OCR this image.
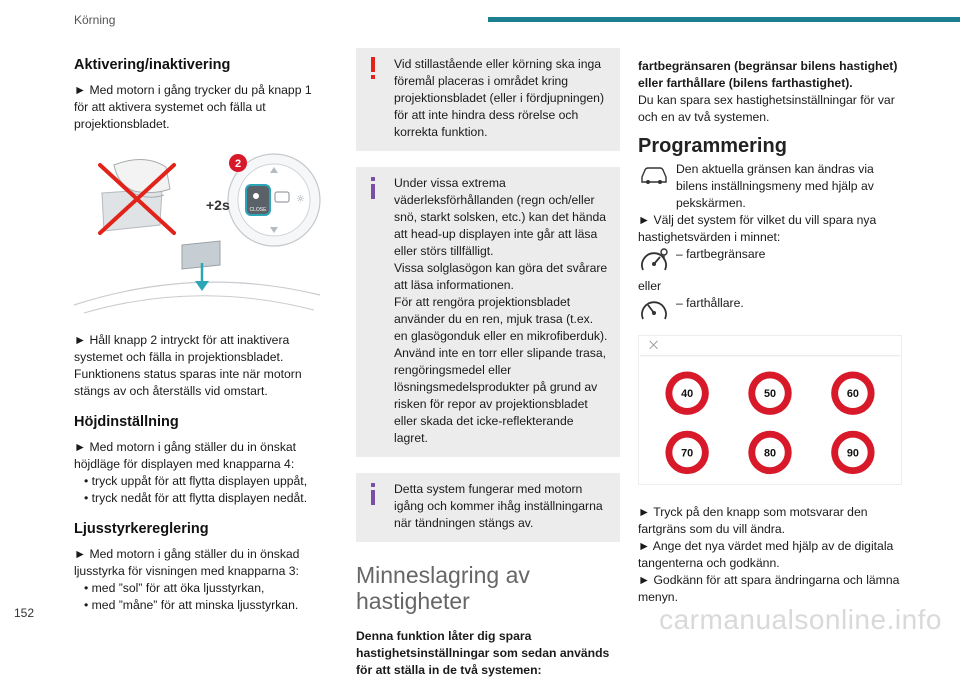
Körning
Aktivering/inaktivering

► Med motorn i gång trycker du på knapp 1 för att aktivera systemet och fälla ut projektionsbladet.

☼
2
+2s	CLOSE

► Håll knapp 2 intryckt för att inaktivera systemet och fälla in projektionsbladet. Funktionens status sparas inte när motorn stängs av och återställs vid omstart.

Höjdinställning

► Med motorn i gång ställer du in önskat höjdläge för displayen med knapparna 4:

• tryck uppåt för att flytta displayen uppåt,
• tryck nedåt för att flytta displayen nedåt.
Ljusstyrkereglering

► Med motorn i gång ställer du in önskad ljusstyrka för visningen med knapparna 3:

• med ”sol” för att öka ljusstyrkan,
• med ”måne” för att minska ljusstyrkan.

Vid stillastående eller körning ska inga föremål placeras i området kring projektionsbladet (eller i fördjupningen) för att inte hindra dess rörelse och korrekta funktion.

Under vissa extrema väderleksförhållanden (regn och/eller snö, starkt solsken, etc.) kan det hända att head-up displayen inte går att läsa eller störs tillfälligt.
Vissa solglasögon kan göra det svårare att läsa informationen.
För att rengöra projektionsbladet använder du en ren, mjuk trasa (t.ex. en glasögonduk eller en mikrofiberduk). Använd inte en torr eller slipande trasa, rengöringsmedel eller lösningsmedelsprodukter på grund av risken för repor av projektionsbladet eller skada det icke-reflekterande lagret.

Detta system fungerar med motorn igång och kommer ihåg inställningarna när tändningen stängs av.

Minneslagring av hastigheter

Denna funktion låter dig spara hastighetsinställningar som sedan används för att ställa in de två systemen:

fartbegränsaren (begränsar bilens hastighet) eller farthållare (bilens farthastighet).

Du kan spara sex hastighetsinställningar för var och en av två systemen.

Programmering

Den aktuella gränsen kan ändras via bilens inställningsmeny med hjälp av pekskärmen.

► Välj det system för vilket du vill spara nya hastighetsvärden i minnet:

– fartbegränsare

eller

– farthållare.

40	50	60
70	80	90

► Tryck på den knapp som motsvarar den fartgräns som du vill ändra.

► Ange det nya värdet med hjälp av de digitala tangenterna och godkänn.

► Godkänn för att spara ändringarna och lämna menyn.

152	carmanualsonline.info
